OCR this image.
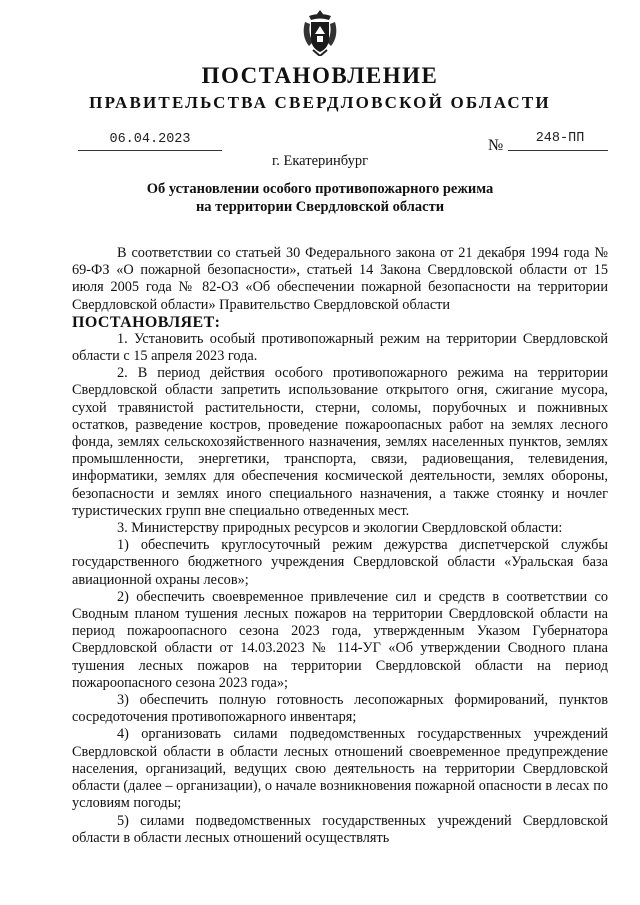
ПОСТАНОВЛЕНИЕ
ПРАВИТЕЛЬСТВА СВЕРДЛОВСКОЙ ОБЛАСТИ
06.04.2023	№	248-ПП
г. Екатеринбург
Об установлении особого противопожарного режима
на территории Свердловской области

В соответствии со статьей 30 Федерального закона от 21 декабря 1994 года № 69-ФЗ «О пожарной безопасности», статьей 14 Закона Свердловской области от 15 июля 2005 года № 82-ОЗ «Об обеспечении пожарной безопасности на территории Свердловской области» Правительство Свердловской области

ПОСТАНОВЛЯЕТ:

1. Установить особый противопожарный режим на территории Свердловской области с 15 апреля 2023 года.

2. В период действия особого противопожарного режима на территории Свердловской области запретить использование открытого огня, сжигание мусора, сухой травянистой растительности, стерни, соломы, порубочных и пожнивных остатков, разведение костров, проведение пожароопасных работ на землях лесного фонда, землях сельскохозяйственного назначения, землях населенных пунктов, землях промышленности, энергетики, транспорта, связи, радиовещания, телевидения, информатики, землях для обеспечения космической деятельности, землях обороны, безопасности и землях иного специального назначения, а также стоянку и ночлег туристических групп вне специально отведенных мест.

3. Министерству природных ресурсов и экологии Свердловской области:

1) обеспечить круглосуточный режим дежурства диспетчерской службы государственного бюджетного учреждения Свердловской области «Уральская база авиационной охраны лесов»;

2) обеспечить своевременное привлечение сил и средств в соответствии со Сводным планом тушения лесных пожаров на территории Свердловской области на период пожароопасного сезона 2023 года, утвержденным Указом Губернатора Свердловской области от 14.03.2023 № 114-УГ «Об утверждении Сводного плана тушения лесных пожаров на территории Свердловской области на период пожароопасного сезона 2023 года»;

3) обеспечить полную готовность лесопожарных формирований, пунктов сосредоточения противопожарного инвентаря;

4) организовать силами подведомственных государственных учреждений Свердловской области в области лесных отношений своевременное предупреждение населения, организаций, ведущих свою деятельность на территории Свердловской области (далее – организации), о начале возникновения пожарной опасности в лесах по условиям погоды;

5) силами подведомственных государственных учреждений Свердловской области в области лесных отношений осуществлять
